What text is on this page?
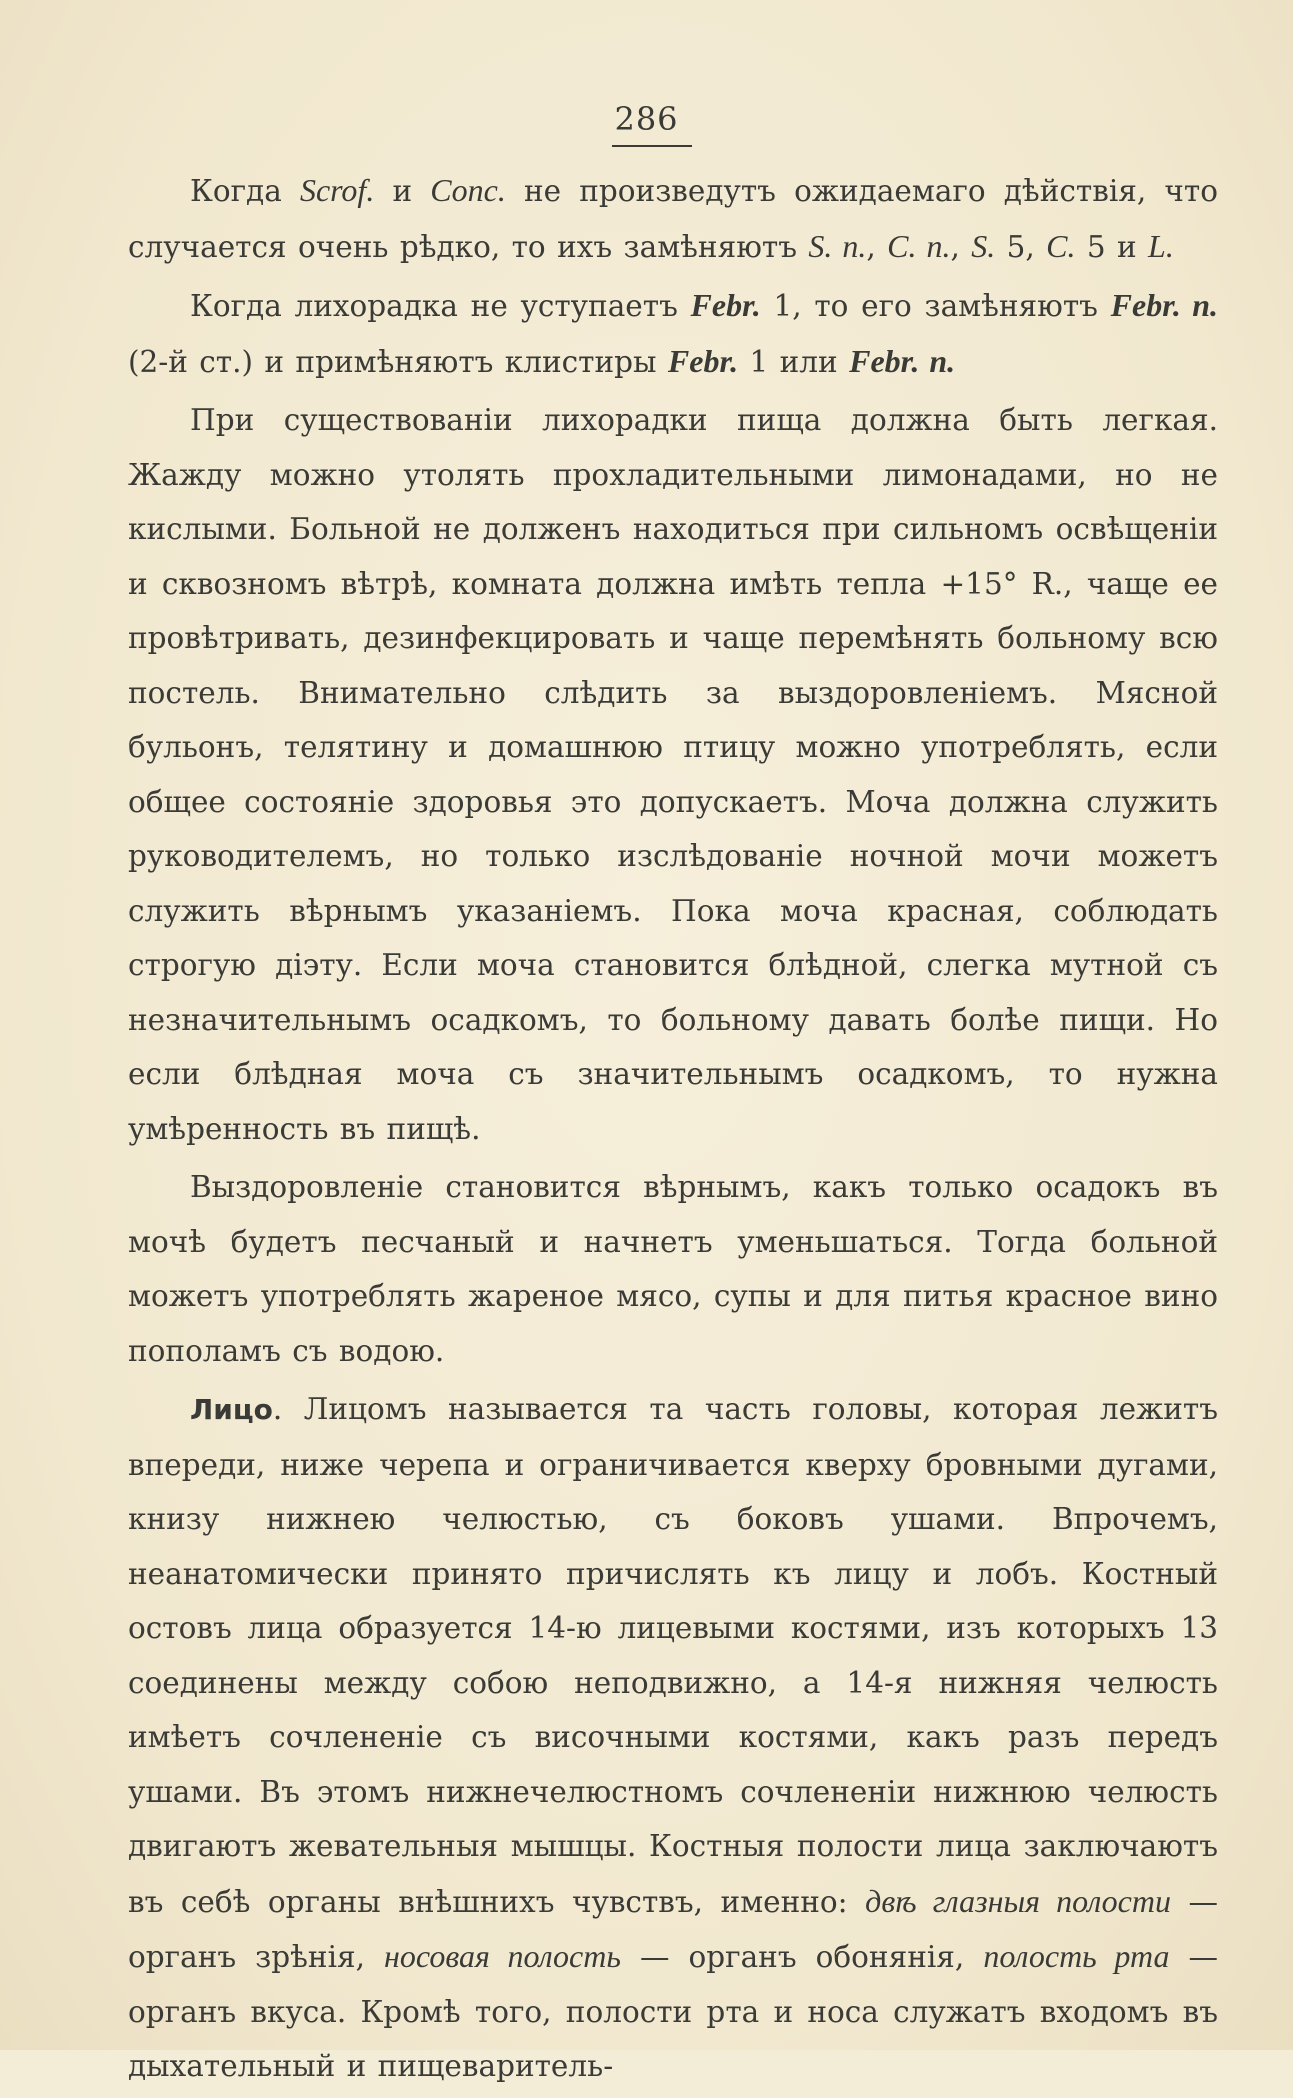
286

Когда Scrof. и Conc. не произведутъ ожидаемаго дѣйствія, что случается очень рѣдко, то ихъ замѣняютъ S. n., C. n., S. 5, C. 5 и L.

Когда лихорадка не уступаетъ Febr. 1, то его замѣняютъ Febr. n. (2-й ст.) и примѣняютъ клистиры Febr. 1 или Febr. n.

При существованіи лихорадки пища должна быть легкая. Жажду можно утолять прохладительными лимонадами, но не кислыми. Больной не долженъ находиться при сильномъ освѣщеніи и сквозномъ вѣтрѣ, комната должна имѣть тепла +15° R., чаще ее провѣтривать, дезинфекцировать и чаще перемѣнять больному всю постель. Внимательно слѣдить за выздоровленіемъ. Мясной бульонъ, телятину и домашнюю птицу можно употреблять, если общее состояніе здоровья это допускаетъ. Моча должна служить руководителемъ, но только изслѣдованіе ночной мочи можетъ служить вѣрнымъ указаніемъ. Пока моча красная, соблюдать строгую діэту. Если моча становится блѣдной, слегка мутной съ незначительнымъ осадкомъ, то больному давать болѣе пищи. Но если блѣдная моча съ значительнымъ осадкомъ, то нужна умѣренность въ пищѣ.

Выздоровленіе становится вѣрнымъ, какъ только осадокъ въ мочѣ будетъ песчаный и начнетъ уменьшаться. Тогда больной можетъ употреблять жареное мясо, супы и для питья красное вино пополамъ съ водою.

Лицо. Лицомъ называется та часть головы, которая лежитъ впереди, ниже черепа и ограничивается кверху бровными дугами, книзу нижнею челюстью, съ боковъ ушами. Впрочемъ, неанатомически принято причислять къ лицу и лобъ. Костный остовъ лица образуется 14-ю лицевыми костями, изъ которыхъ 13 соединены между собою неподвижно, а 14-я нижняя челюсть имѣетъ сочлененіе съ височными костями, какъ разъ передъ ушами. Въ этомъ нижнечелюстномъ сочлененіи нижнюю челюсть двигаютъ жевательныя мышцы. Костныя полости лица заключаютъ въ себѣ органы внѣшнихъ чувствъ, именно: двѣ глазныя полости — органъ зрѣнія, носовая полость — органъ обонянія, полость рта — органъ вкуса. Кромѣ того, полости рта и носа служатъ входомъ въ дыхательный и пищеваритель-
